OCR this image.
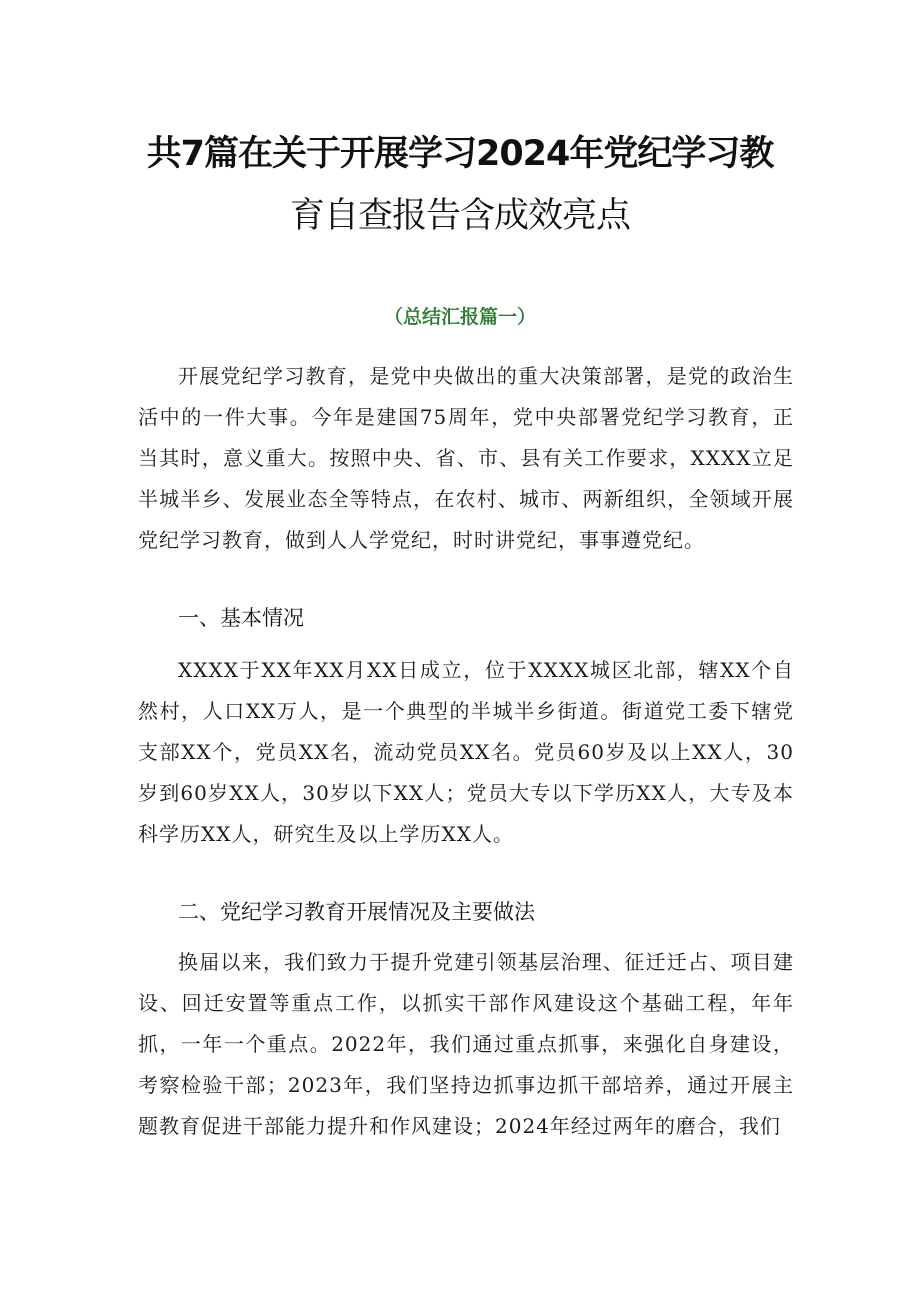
共7篇在关于开展学习2024年党纪学习教
育自查报告含成效亮点
（总结汇报篇一）

开展党纪学习教育，是党中央做出的重大决策部署，是党的政治生活中的一件大事。今年是建国75周年，党中央部署党纪学习教育，正当其时，意义重大。按照中央、省、市、县有关工作要求，XXXX立足半城半乡、发展业态全等特点，在农村、城市、两新组织，全领域开展党纪学习教育，做到人人学党纪，时时讲党纪，事事遵党纪。

一、基本情况

XXXX于XX年XX月XX日成立，位于XXXX城区北部，辖XX个自然村，人口XX万人，是一个典型的半城半乡街道。街道党工委下辖党支部XX个，党员XX名，流动党员XX名。党员60岁及以上XX人，30岁到60岁XX人，30岁以下XX人；党员大专以下学历XX人，大专及本科学历XX人，研究生及以上学历XX人。

二、党纪学习教育开展情况及主要做法

换届以来，我们致力于提升党建引领基层治理、征迁迁占、项目建设、回迁安置等重点工作，以抓实干部作风建设这个基础工程，年年抓，一年一个重点。2022年，我们通过重点抓事，来强化自身建设，考察检验干部；2023年，我们坚持边抓事边抓干部培养，通过开展主题教育促进干部能力提升和作风建设；2024年经过两年的磨合，我们
